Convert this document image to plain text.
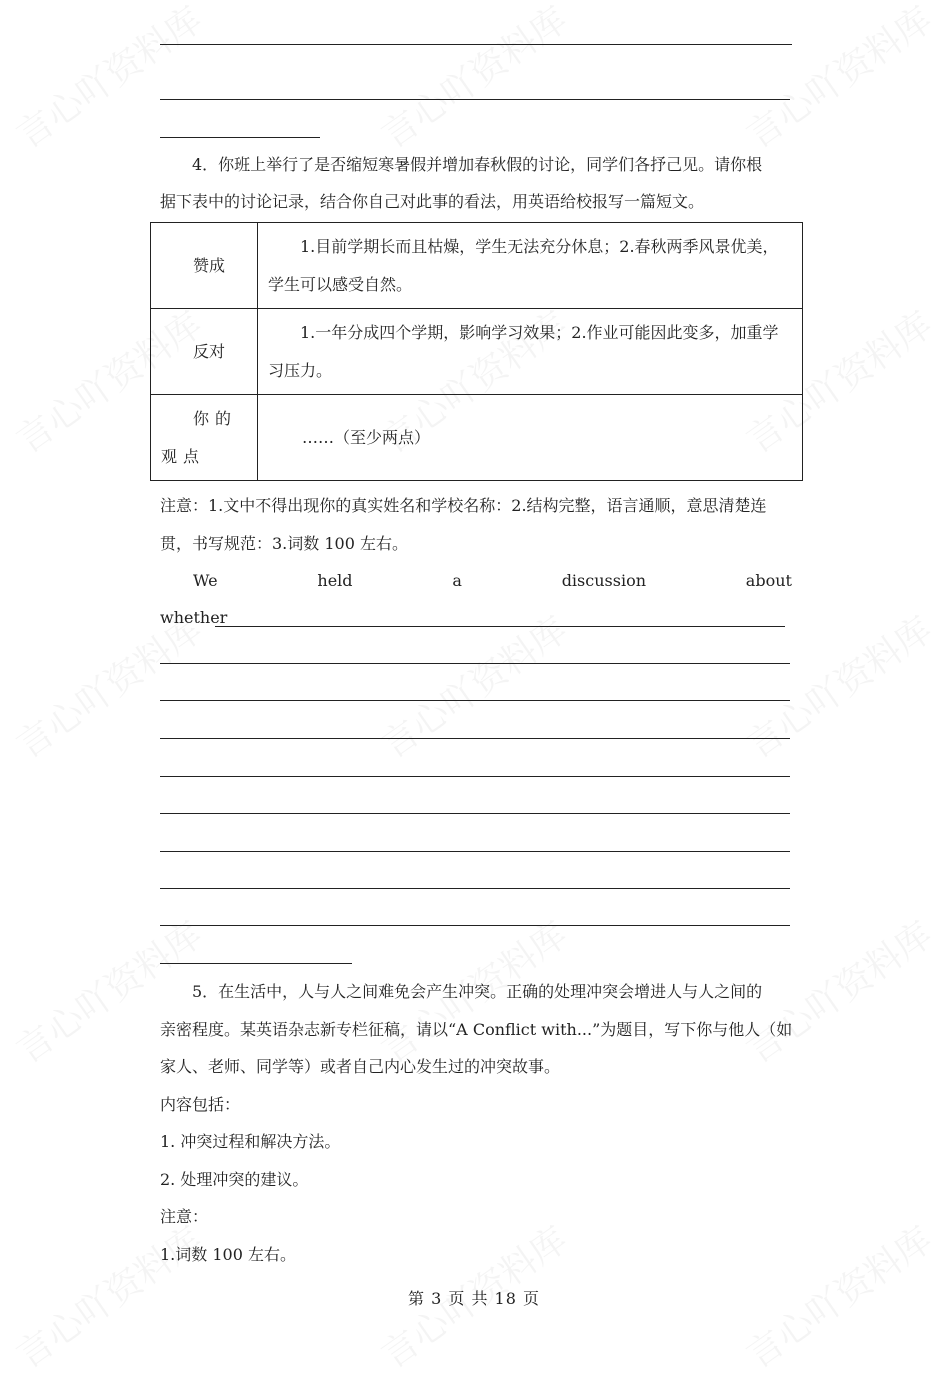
4．你班上举行了是否缩短寒暑假并增加春秋假的讨论，同学们各抒己见。请你根
据下表中的讨论记录，结合你自己对此事的看法，用英语给校报写一篇短文。
赞成	1.目前学期长而且枯燥，学生无法充分休息；2.春秋两季风景优美，学生可以感受自然。
反对	1.一年分成四个学期，影响学习效果；2.作业可能因此变多，加重学习压力。
你的观点	……（至少两点）
注意：1.文中不得出现你的真实姓名和学校名称：2.结构完整，语言通顺，意思清楚连
贯，书写规范：3.词数 100 左右。
We	held	a	discussion	about
whether
5．在生活中，人与人之间难免会产生冲突。正确的处理冲突会增进人与人之间的
亲密程度。某英语杂志新专栏征稿，请以“A Conflict with...”为题目，写下你与他人（如
家人、老师、同学等）或者自己内心发生过的冲突故事。
内容包括：
1. 冲突过程和解决方法。
2. 处理冲突的建议。
注意：
1.词数 100 左右。
第 3 页 共 18 页
